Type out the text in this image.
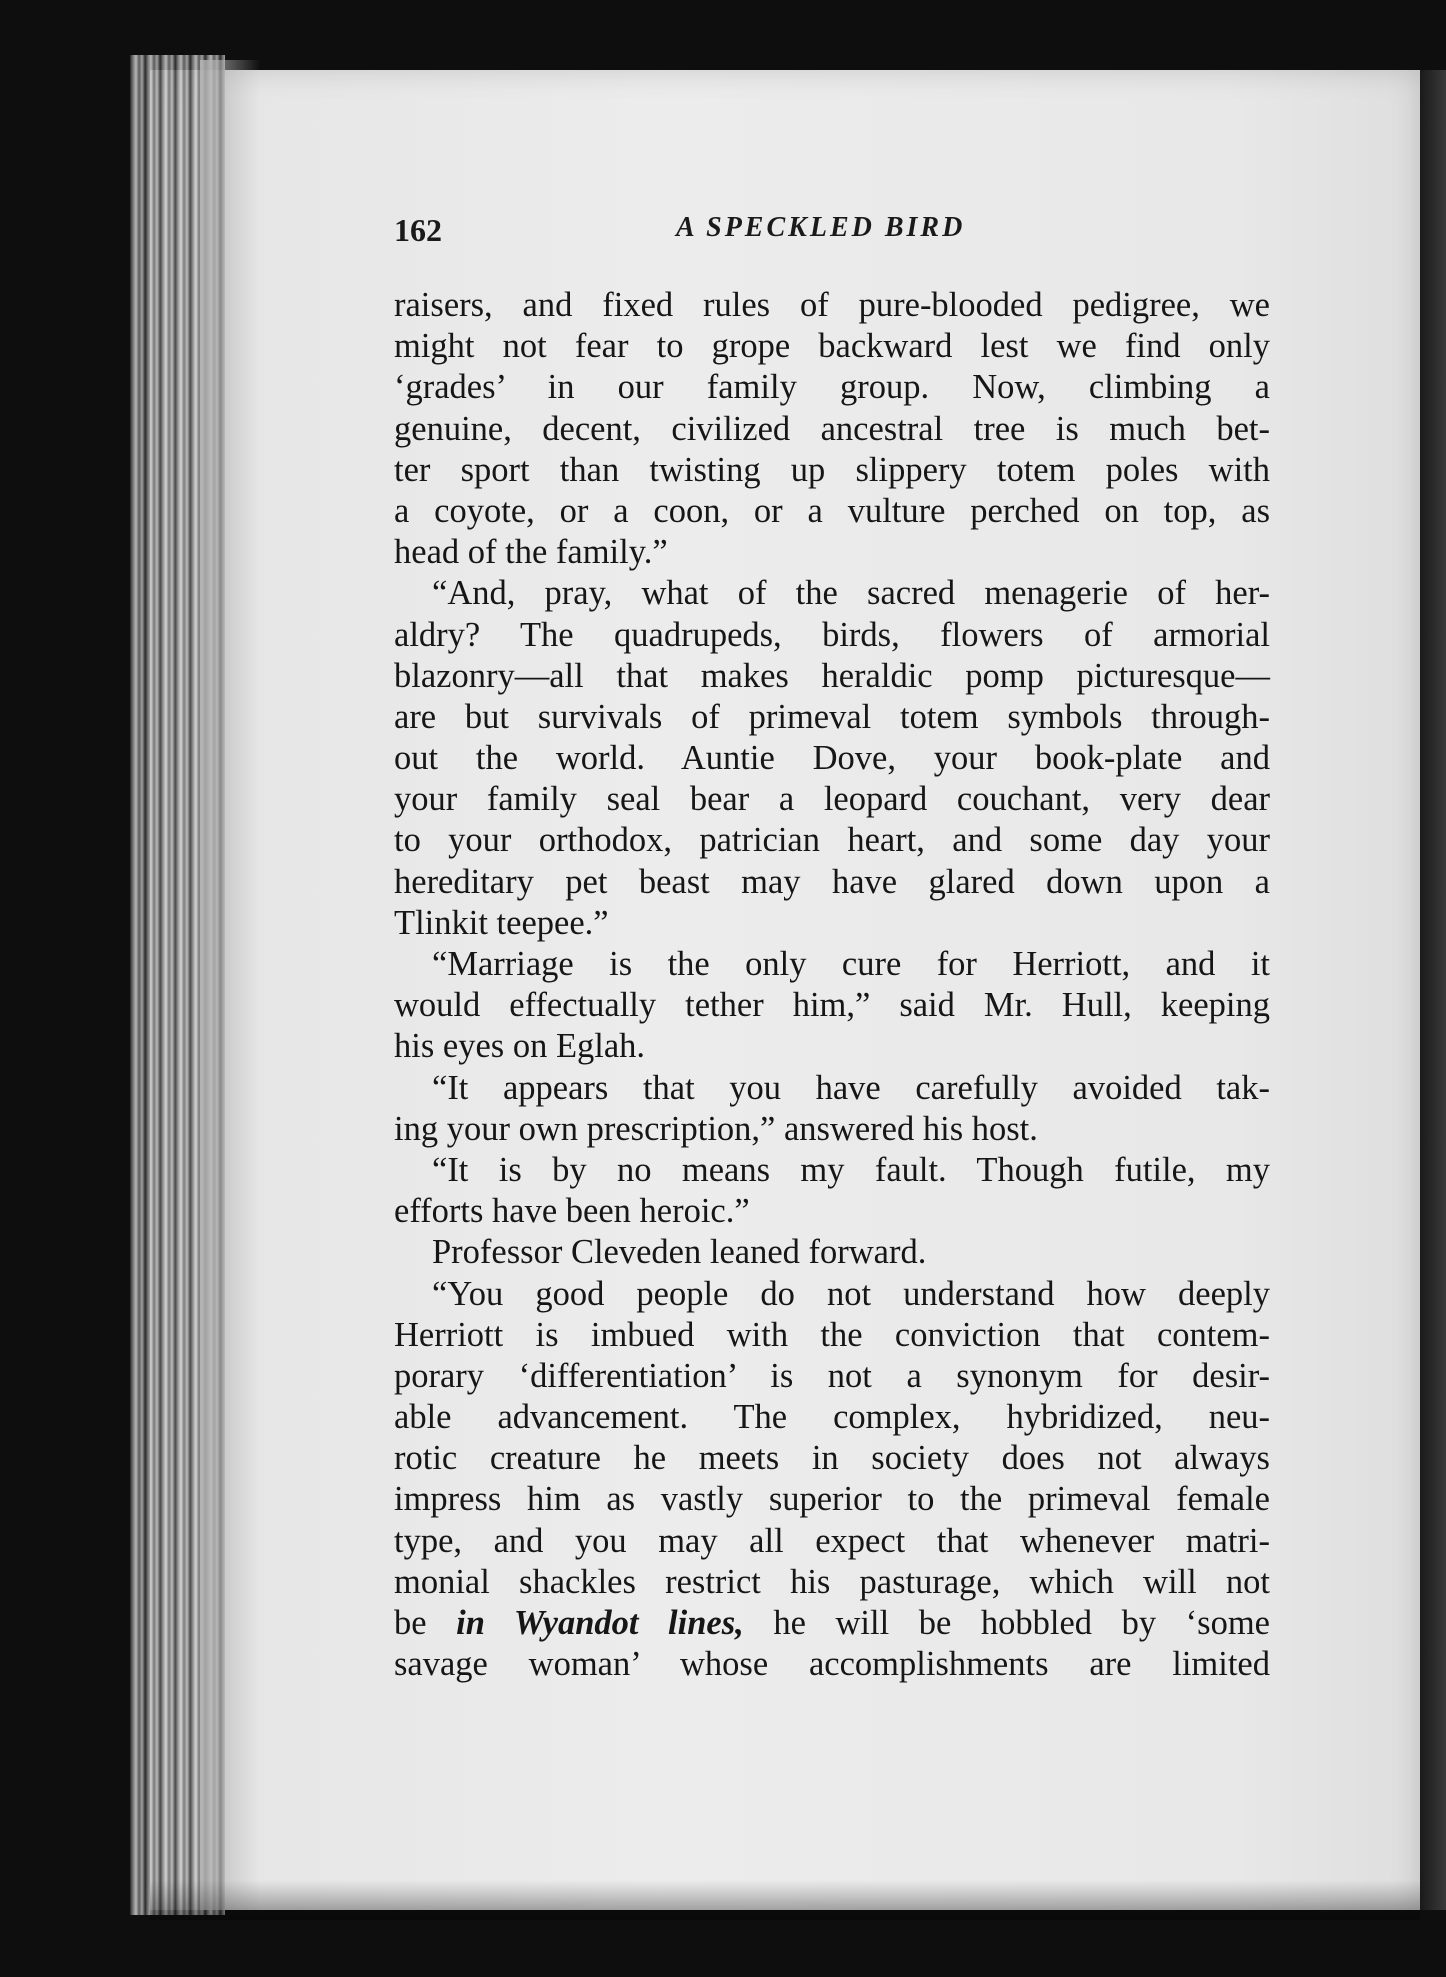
162	A SPECKLED BIRD
raisers, and fixed rules of pure-blooded pedigree, we
might not fear to grope backward lest we find only
‘grades’ in our family group. Now, climbing a
genuine, decent, civilized ancestral tree is much bet-
ter sport than twisting up slippery totem poles with
a coyote, or a coon, or a vulture perched on top, as
head of the family.”
“And, pray, what of the sacred menagerie of her-
aldry? The quadrupeds, birds, flowers of armorial
blazonry—all that makes heraldic pomp picturesque—
are but survivals of primeval totem symbols through-
out the world. Auntie Dove, your book-plate and
your family seal bear a leopard couchant, very dear
to your orthodox, patrician heart, and some day your
hereditary pet beast may have glared down upon a
Tlinkit teepee.”
“Marriage is the only cure for Herriott, and it
would effectually tether him,” said Mr. Hull, keeping
his eyes on Eglah.
“It appears that you have carefully avoided tak-
ing your own prescription,” answered his host.
“It is by no means my fault. Though futile, my
efforts have been heroic.”
Professor Cleveden leaned forward.
“You good people do not understand how deeply
Herriott is imbued with the conviction that contem-
porary ‘differentiation’ is not a synonym for desir-
able advancement. The complex, hybridized, neu-
rotic creature he meets in society does not always
impress him as vastly superior to the primeval female
type, and you may all expect that whenever matri-
monial shackles restrict his pasturage, which will not
be in Wyandot lines, he will be hobbled by ‘some
savage woman’ whose accomplishments are limited
